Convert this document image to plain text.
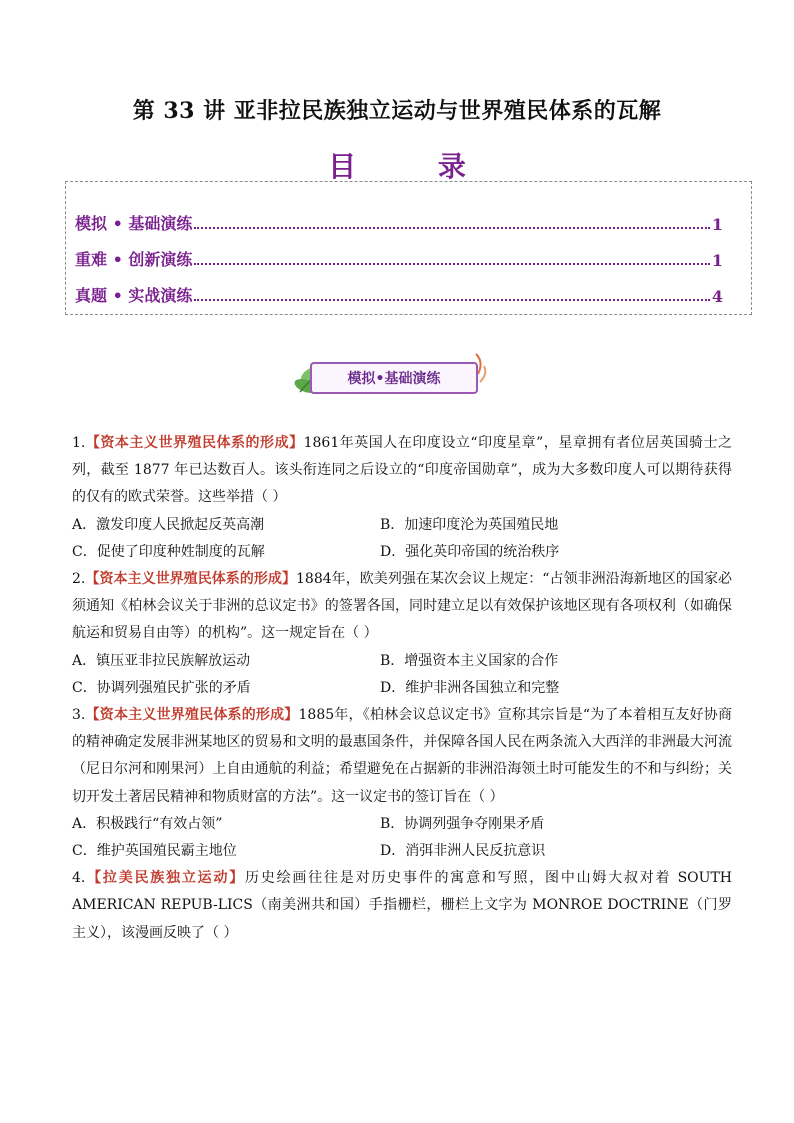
第 33 讲 亚非拉民族独立运动与世界殖民体系的瓦解
目 录
模拟 • 基础演练	1
重难 • 创新演练	1
真题 • 实战演练	4
模拟•基础演练

1.【资本主义世界殖民体系的形成】1861年英国人在印度设立“印度星章”，星章拥有者位居英国骑士之列，截至 1877 年已达数百人。该头衔连同之后设立的“印度帝国勋章”，成为大多数印度人可以期待获得的仅有的欧式荣誉。这些举措（ ）

A．激发印度人民掀起反英高潮	B．加速印度沦为英国殖民地
C．促使了印度种姓制度的瓦解	D．强化英印帝国的统治秩序

2.【资本主义世界殖民体系的形成】1884年，欧美列强在某次会议上规定：“占领非洲沿海新地区的国家必须通知《柏林会议关于非洲的总议定书》的签署各国，同时建立足以有效保护该地区现有各项权利（如确保航运和贸易自由等）的机构”。这一规定旨在（ ）

A．镇压亚非拉民族解放运动	B．增强资本主义国家的合作
C．协调列强殖民扩张的矛盾	D．维护非洲各国独立和完整

3.【资本主义世界殖民体系的形成】1885年，《柏林会议总议定书》宣称其宗旨是“为了本着相互友好协商的精神确定发展非洲某地区的贸易和文明的最惠国条件，并保障各国人民在两条流入大西洋的非洲最大河流（尼日尔河和刚果河）上自由通航的利益；希望避免在占据新的非洲沿海领土时可能发生的不和与纠纷；关切开发土著居民精神和物质财富的方法”。这一议定书的签订旨在（ ）

A．积极践行“有效占领”	B．协调列强争夺刚果矛盾
C．维护英国殖民霸主地位	D．消弭非洲人民反抗意识

4.【拉美民族独立运动】历史绘画往往是对历史事件的寓意和写照，图中山姆大叔对着 SOUTH AMERICAN REPUB-LICS（南美洲共和国）手指栅栏，栅栏上文字为 MONROE DOCTRINE（门罗主义），该漫画反映了（ ）
